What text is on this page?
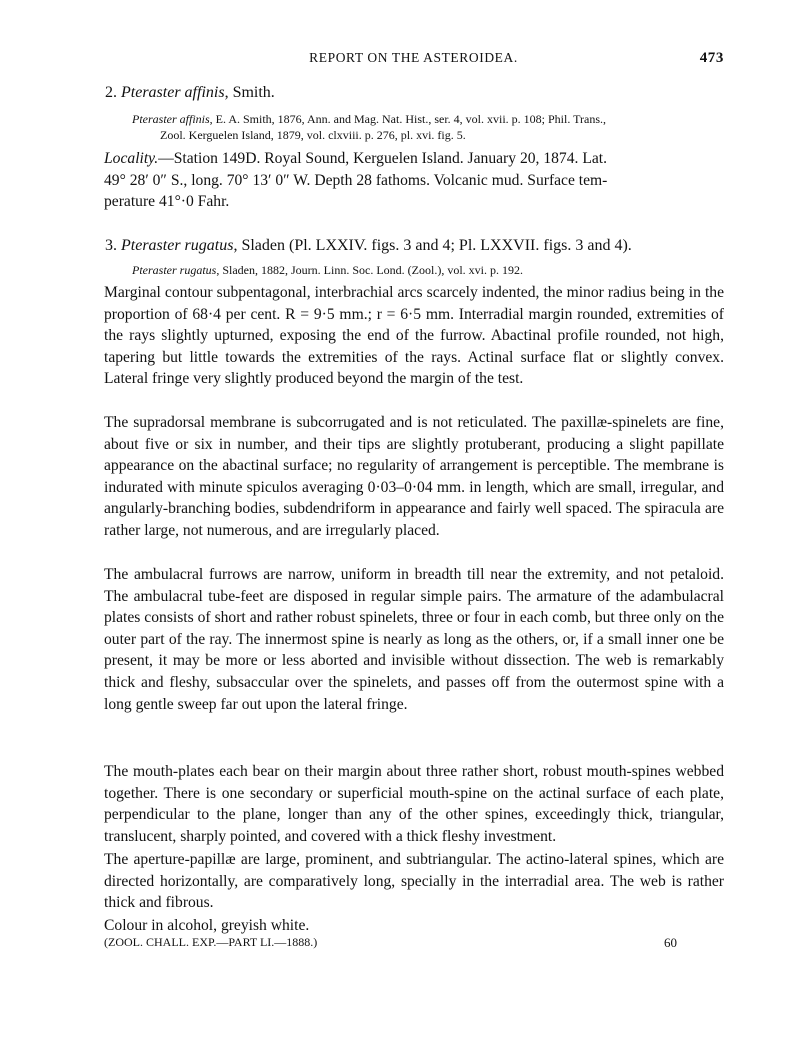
REPORT ON THE ASTEROIDEA.	473
2. Pteraster affinis, Smith.
Pteraster affinis, E. A. Smith, 1876, Ann. and Mag. Nat. Hist., ser. 4, vol. xvii. p. 108; Phil. Trans.,
Zool. Kerguelen Island, 1879, vol. clxviii. p. 276, pl. xvi. fig. 5.
Locality.—Station 149D. Royal Sound, Kerguelen Island. January 20, 1874. Lat.
49° 28′ 0″ S., long. 70° 13′ 0″ W. Depth 28 fathoms. Volcanic mud. Surface tem-
perature 41°·0 Fahr.
3. Pteraster rugatus, Sladen (Pl. LXXIV. figs. 3 and 4; Pl. LXXVII. figs. 3 and 4).
Pteraster rugatus, Sladen, 1882, Journ. Linn. Soc. Lond. (Zool.), vol. xvi. p. 192.
Marginal contour subpentagonal, interbrachial arcs scarcely indented, the minor radius being in the proportion of 68·4 per cent. R = 9·5 mm.; r = 6·5 mm. Interradial margin rounded, extremities of the rays slightly upturned, exposing the end of the furrow. Abactinal profile rounded, not high, tapering but little towards the extremities of the rays. Actinal surface flat or slightly convex. Lateral fringe very slightly produced beyond the margin of the test.
The supradorsal membrane is subcorrugated and is not reticulated. The paxillæ-spinelets are fine, about five or six in number, and their tips are slightly protuberant, producing a slight papillate appearance on the abactinal surface; no regularity of arrangement is perceptible. The membrane is indurated with minute spiculos averaging 0·03–0·04 mm. in length, which are small, irregular, and angularly-branching bodies, subdendriform in appearance and fairly well spaced. The spiracula are rather large, not numerous, and are irregularly placed.
The ambulacral furrows are narrow, uniform in breadth till near the extremity, and not petaloid. The ambulacral tube-feet are disposed in regular simple pairs. The armature of the adambulacral plates consists of short and rather robust spinelets, three or four in each comb, but three only on the outer part of the ray. The innermost spine is nearly as long as the others, or, if a small inner one be present, it may be more or less aborted and invisible without dissection. The web is remarkably thick and fleshy, subsaccular over the spinelets, and passes off from the outermost spine with a long gentle sweep far out upon the lateral fringe.
The mouth-plates each bear on their margin about three rather short, robust mouth-spines webbed together. There is one secondary or superficial mouth-spine on the actinal surface of each plate, perpendicular to the plane, longer than any of the other spines, exceedingly thick, triangular, translucent, sharply pointed, and covered with a thick fleshy investment.
The aperture-papillæ are large, prominent, and subtriangular. The actino-lateral spines, which are directed horizontally, are comparatively long, specially in the interradial area. The web is rather thick and fibrous.
Colour in alcohol, greyish white.
(ZOOL. CHALL. EXP.—PART LI.—1888.)	60
